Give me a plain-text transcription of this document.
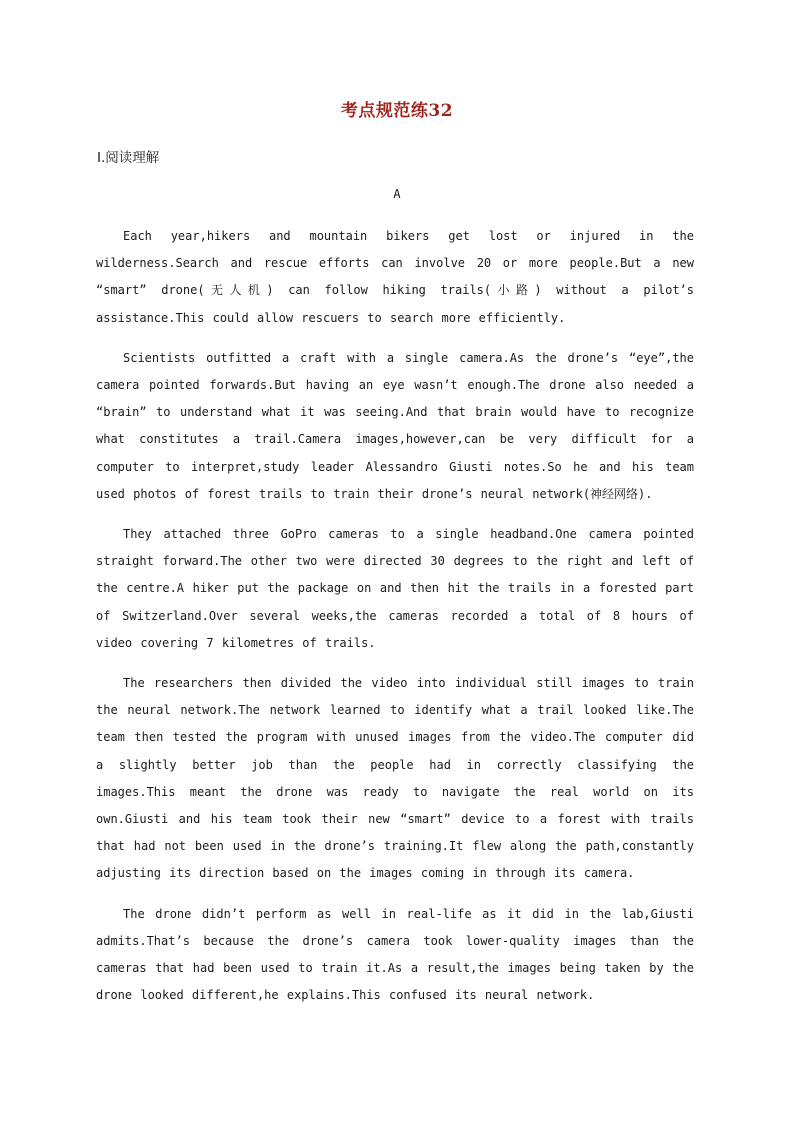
考点规范练32
Ⅰ.阅读理解
A

Each year,hikers and mountain bikers get lost or injured in the wilderness.Search and rescue efforts can involve 20 or more people.But a new “smart” drone(无人机) can follow hiking trails(小路) without a pilot’s assistance.This could allow rescuers to search more efficiently.

Scientists outfitted a craft with a single camera.As the drone’s “eye”,the camera pointed forwards.But having an eye wasn’t enough.The drone also needed a “brain” to understand what it was seeing.And that brain would have to recognize what constitutes a trail.Camera images,however,can be very difficult for a computer to interpret,study leader Alessandro Giusti notes.So he and his team used photos of forest trails to train their drone’s neural network(神经网络).

They attached three GoPro cameras to a single headband.One camera pointed straight forward.The other two were directed 30 degrees to the right and left of the centre.A hiker put the package on and then hit the trails in a forested part of Switzerland.Over several weeks,the cameras recorded a total of 8 hours of video covering 7 kilometres of trails.

The researchers then divided the video into individual still images to train the neural network.The network learned to identify what a trail looked like.The team then tested the program with unused images from the video.The computer did a slightly better job than the people had in correctly classifying the images.This meant the drone was ready to navigate the real world on its own.Giusti and his team took their new “smart” device to a forest with trails that had not been used in the drone’s training.It flew along the path,constantly adjusting its direction based on the images coming in through its camera.

The drone didn’t perform as well in real-life as it did in the lab,Giusti admits.That’s because the drone’s camera took lower-quality images than the cameras that had been used to train it.As a result,the images being taken by the drone looked different,he explains.This confused its neural network.
